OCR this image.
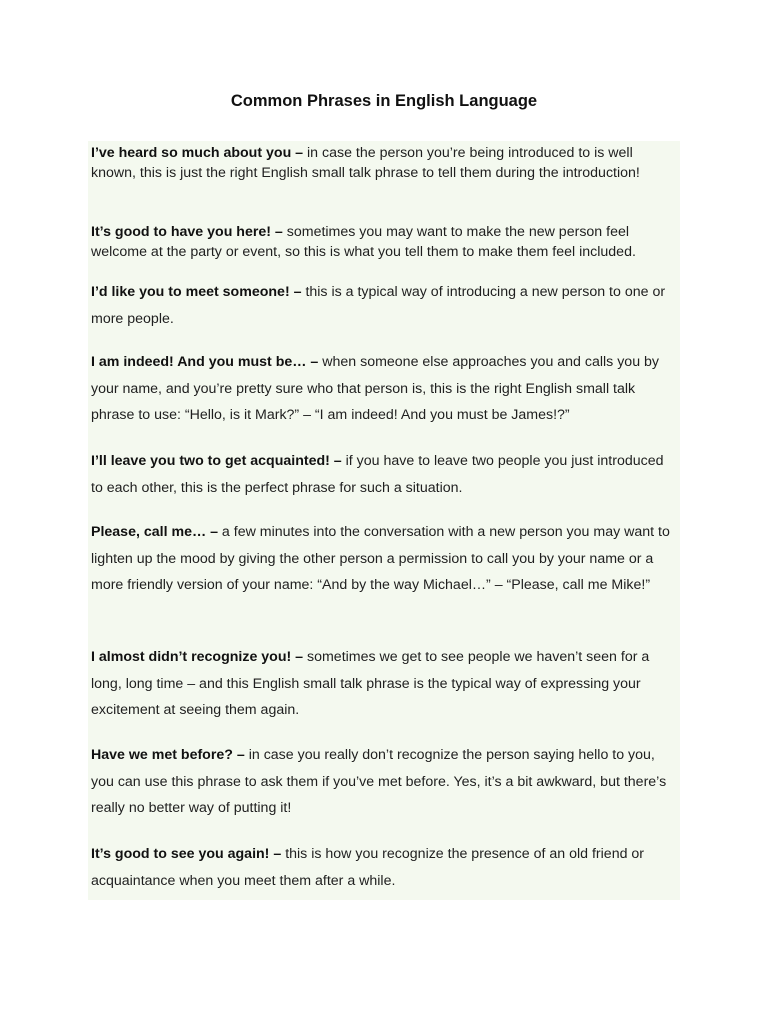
Common Phrases in English Language

I’ve heard so much about you – in case the person you’re being introduced to is well known, this is just the right English small talk phrase to tell them during the introduction!

It’s good to have you here! – sometimes you may want to make the new person feel welcome at the party or event, so this is what you tell them to make them feel included.

I’d like you to meet someone! – this is a typical way of introducing a new person to one or more people.

I am indeed! And you must be… – when someone else approaches you and calls you by your name, and you’re pretty sure who that person is, this is the right English small talk phrase to use: “Hello, is it Mark?” – “I am indeed! And you must be James!?”

I’ll leave you two to get acquainted! – if you have to leave two people you just introduced to each other, this is the perfect phrase for such a situation.

Please, call me… – a few minutes into the conversation with a new person you may want to lighten up the mood by giving the other person a permission to call you by your name or a more friendly version of your name: “And by the way Michael…” – “Please, call me Mike!”

I almost didn’t recognize you! – sometimes we get to see people we haven’t seen for a long, long time – and this English small talk phrase is the typical way of expressing your excitement at seeing them again.

Have we met before? – in case you really don’t recognize the person saying hello to you, you can use this phrase to ask them if you’ve met before. Yes, it’s a bit awkward, but there’s really no better way of putting it!

It’s good to see you again! – this is how you recognize the presence of an old friend or acquaintance when you meet them after a while.
